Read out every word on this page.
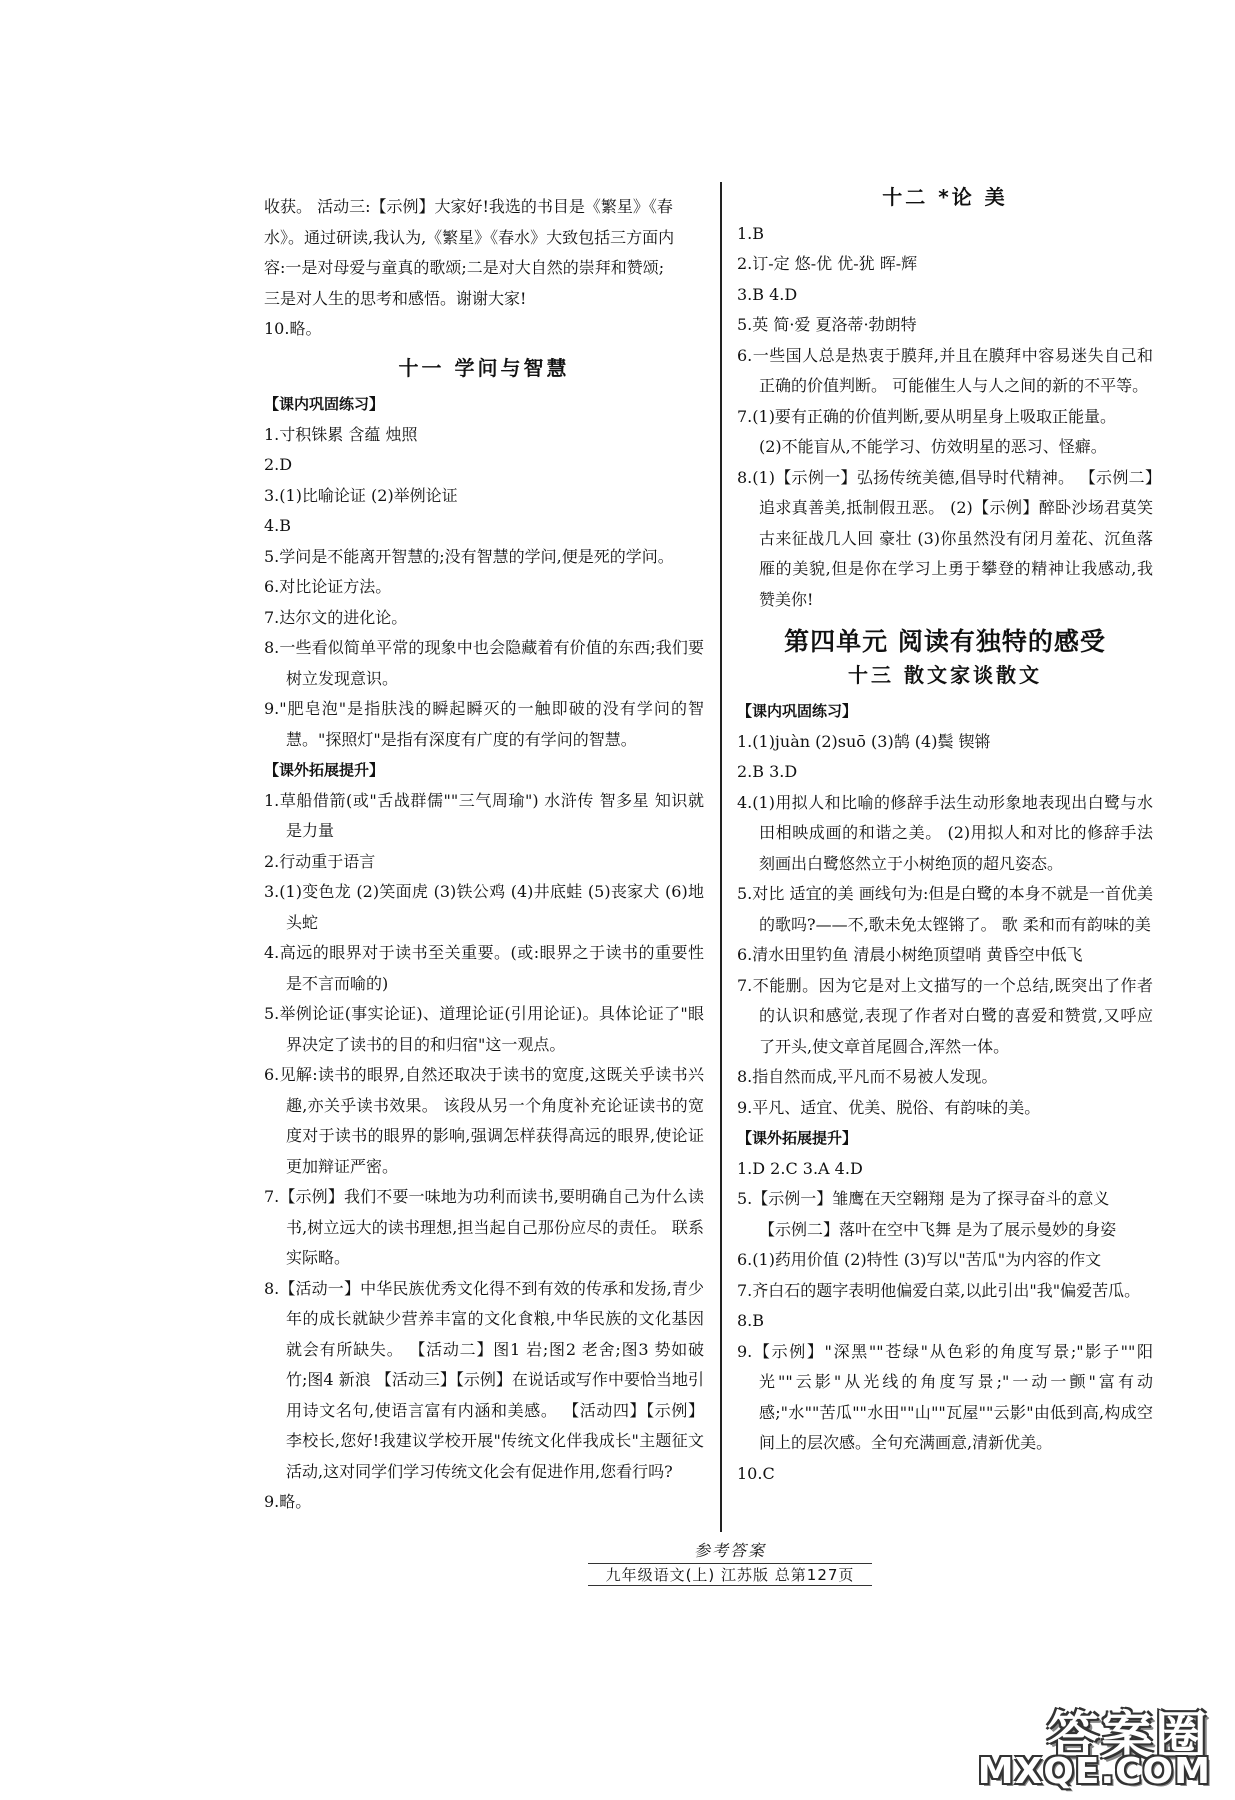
收获。 活动三:【示例】大家好!我选的书目是《繁星》《春
水》。通过研读,我认为,《繁星》《春水》大致包括三方面内
容:一是对母爱与童真的歌颂;二是对大自然的崇拜和赞颂;
三是对人生的思考和感悟。谢谢大家!
10.略。
十一 学问与智慧
【课内巩固练习】
1.寸积铢累 含蕴 烛照
2.D
3.(1)比喻论证 (2)举例论证
4.B
5.学问是不能离开智慧的;没有智慧的学问,便是死的学问。
6.对比论证方法。
7.达尔文的进化论。
8.一些看似简单平常的现象中也会隐藏着有价值的东西;我们要树立发现意识。
9."肥皂泡"是指肤浅的瞬起瞬灭的一触即破的没有学问的智慧。"探照灯"是指有深度有广度的有学问的智慧。
【课外拓展提升】
1.草船借箭(或"舌战群儒""三气周瑜") 水浒传 智多星 知识就是力量
2.行动重于语言
3.(1)变色龙 (2)笑面虎 (3)铁公鸡 (4)井底蛙 (5)丧家犬 (6)地头蛇
4.高远的眼界对于读书至关重要。(或:眼界之于读书的重要性是不言而喻的)
5.举例论证(事实论证)、道理论证(引用论证)。具体论证了"眼界决定了读书的目的和归宿"这一观点。
6.见解:读书的眼界,自然还取决于读书的宽度,这既关乎读书兴趣,亦关乎读书效果。 该段从另一个角度补充论证读书的宽度对于读书的眼界的影响,强调怎样获得高远的眼界,使论证更加辩证严密。
7.【示例】我们不要一味地为功利而读书,要明确自己为什么读书,树立远大的读书理想,担当起自己那份应尽的责任。 联系实际略。
8.【活动一】中华民族优秀文化得不到有效的传承和发扬,青少年的成长就缺少营养丰富的文化食粮,中华民族的文化基因就会有所缺失。 【活动二】图1 岩;图2 老舍;图3 势如破竹;图4 新浪 【活动三】【示例】在说话或写作中要恰当地引用诗文名句,使语言富有内涵和美感。 【活动四】【示例】李校长,您好!我建议学校开展"传统文化伴我成长"主题征文活动,这对同学们学习传统文化会有促进作用,您看行吗?
9.略。
十二 *论 美
1.B
2.订-定 悠-优 优-犹 晖-辉
3.B 4.D
5.英 简·爱 夏洛蒂·勃朗特
6.一些国人总是热衷于膜拜,并且在膜拜中容易迷失自己和正确的价值判断。 可能催生人与人之间的新的不平等。
7.(1)要有正确的价值判断,要从明星身上吸取正能量。
(2)不能盲从,不能学习、仿效明星的恶习、怪癖。
8.(1)【示例一】弘扬传统美德,倡导时代精神。 【示例二】追求真善美,抵制假丑恶。 (2)【示例】醉卧沙场君莫笑 古来征战几人回 豪壮 (3)你虽然没有闭月羞花、沉鱼落雁的美貌,但是你在学习上勇于攀登的精神让我感动,我赞美你!
第四单元 阅读有独特的感受
十三 散文家谈散文
【课内巩固练习】
1.(1)juàn (2)suō (3)鹄 (4)鬓 锲锵
2.B 3.D
4.(1)用拟人和比喻的修辞手法生动形象地表现出白鹭与水田相映成画的和谐之美。 (2)用拟人和对比的修辞手法刻画出白鹭悠然立于小树绝顶的超凡姿态。
5.对比 适宜的美 画线句为:但是白鹭的本身不就是一首优美的歌吗?——不,歌未免太铿锵了。 歌 柔和而有韵味的美
6.清水田里钓鱼 清晨小树绝顶望哨 黄昏空中低飞
7.不能删。因为它是对上文描写的一个总结,既突出了作者的认识和感觉,表现了作者对白鹭的喜爱和赞赏,又呼应了开头,使文章首尾圆合,浑然一体。
8.指自然而成,平凡而不易被人发现。
9.平凡、适宜、优美、脱俗、有韵味的美。
【课外拓展提升】
1.D 2.C 3.A 4.D
5.【示例一】雏鹰在天空翱翔 是为了探寻奋斗的意义
【示例二】落叶在空中飞舞 是为了展示曼妙的身姿
6.(1)药用价值 (2)特性 (3)写以"苦瓜"为内容的作文
7.齐白石的题字表明他偏爱白菜,以此引出"我"偏爱苦瓜。
8.B
9.【示例】"深黑""苍绿"从色彩的角度写景;"影子""阳光""云影"从光线的角度写景;"一动一颤"富有动感;"水""苦瓜""水田""山""瓦屋""云影"由低到高,构成空间上的层次感。全句充满画意,清新优美。
10.C
参考答案
九年级语文(上) 江苏版 总第127页
答案圈
MXQE.COM
